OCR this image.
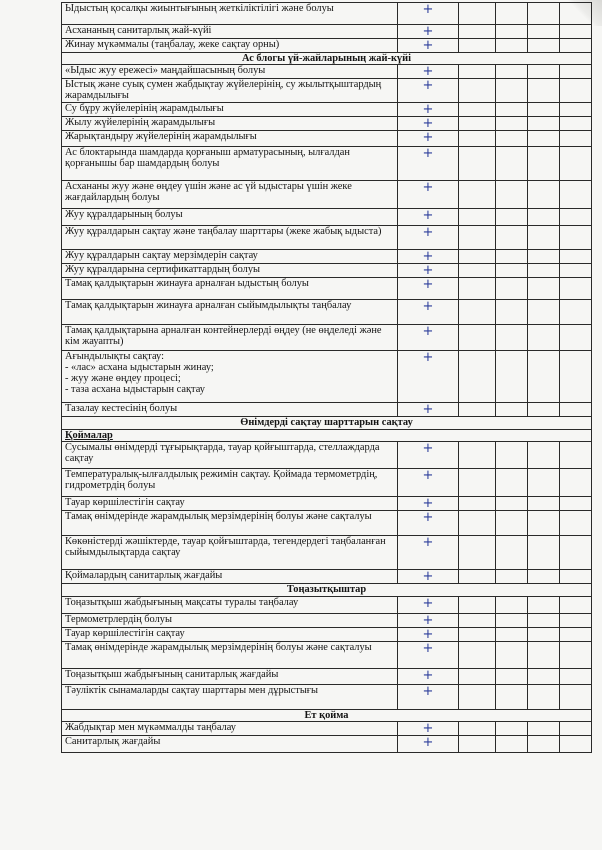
Ыдыстың қосалқы жиынтығының жеткіліктілігі және болуы	+				
Асхананың санитарлық жай-күйі	+				
Жинау мүкәммалы (таңбалау, жеке сақтау орны)	+				
Ас блогы үй-жайларының жай-күйі					
«Ыдыс жуу ережесі» маңдайшасының болуы	+				
Ыстық және суық сумен жабдықтау жүйелерінің, су жылытқыштардың жарамдылығы	+				
Су бұру жүйелерінің жарамдылығы	+				
Жылу жүйелерінің жарамдылығы	+				
Жарықтандыру жүйелерінің жарамдылығы	+				
Ас блоктарында шамдарда қорғаныш арматурасының, ылғалдан қорғанышы бар шамдардың болуы	+				
Асхананы жуу және өңдеу үшін және ас үй ыдыстары үшін жеке жағдайлардың болуы	+				
Жуу құралдарының болуы	+				
Жуу құралдарын сақтау және таңбалау шарттары (жеке жабық ыдыста)	+				
Жуу құралдарын сақтау мерзімдерін сақтау	+				
Жуу құралдарына сертификаттардың болуы	+				
Тамақ қалдықтарын жинауға арналған ыдыстың болуы	+				
Тамақ қалдықтарын жинауға арналған сыйымдылықты таңбалау	+				
Тамақ қалдықтарына арналған контейнерлерді өңдеу (не өңделеді және кім жауапты)	+				
Ағындылықты сақтау:
- «лас» асхана ыдыстарын жинау;
- жуу және өңдеу процесі;
- таза асхана ыдыстарын сақтау	+				
Тазалау кестесінің болуы	+				
Өнімдерді сақтау шарттарын сақтау					
Қоймалар					
Сусымалы өнімдерді тұғырықтарда, тауар қойғыштарда, стеллаждарда сақтау	+				
Температуралық-ылғалдылық режимін сақтау. Қоймада термометрдің, гидрометрдің болуы	+				
Тауар көршілестігін сақтау	+				
Тамақ өнімдерінде жарамдылық мерзімдерінің болуы және сақталуы	+				
Көкөністерді жәшіктерде, тауар қойғыштарда, тегендердегі таңбаланған сыйымдылықтарда сақтау	+				
Қоймалардың санитарлық жағдайы	+				
Тоңазытқыштар					
Тоңазытқыш жабдығының мақсаты туралы таңбалау	+				
Термометрлердің болуы	+				
Тауар көршілестігін сақтау	+				
Тамақ өнімдерінде жарамдылық мерзімдерінің болуы және сақталуы	+				
Тоңазытқыш жабдығының санитарлық жағдайы	+				
Тәуліктік сынамаларды сақтау шарттары мен дұрыстығы	+				
Ет қойма					
Жабдықтар мен мүкәммалды таңбалау	+				
Санитарлық жағдайы	+				
